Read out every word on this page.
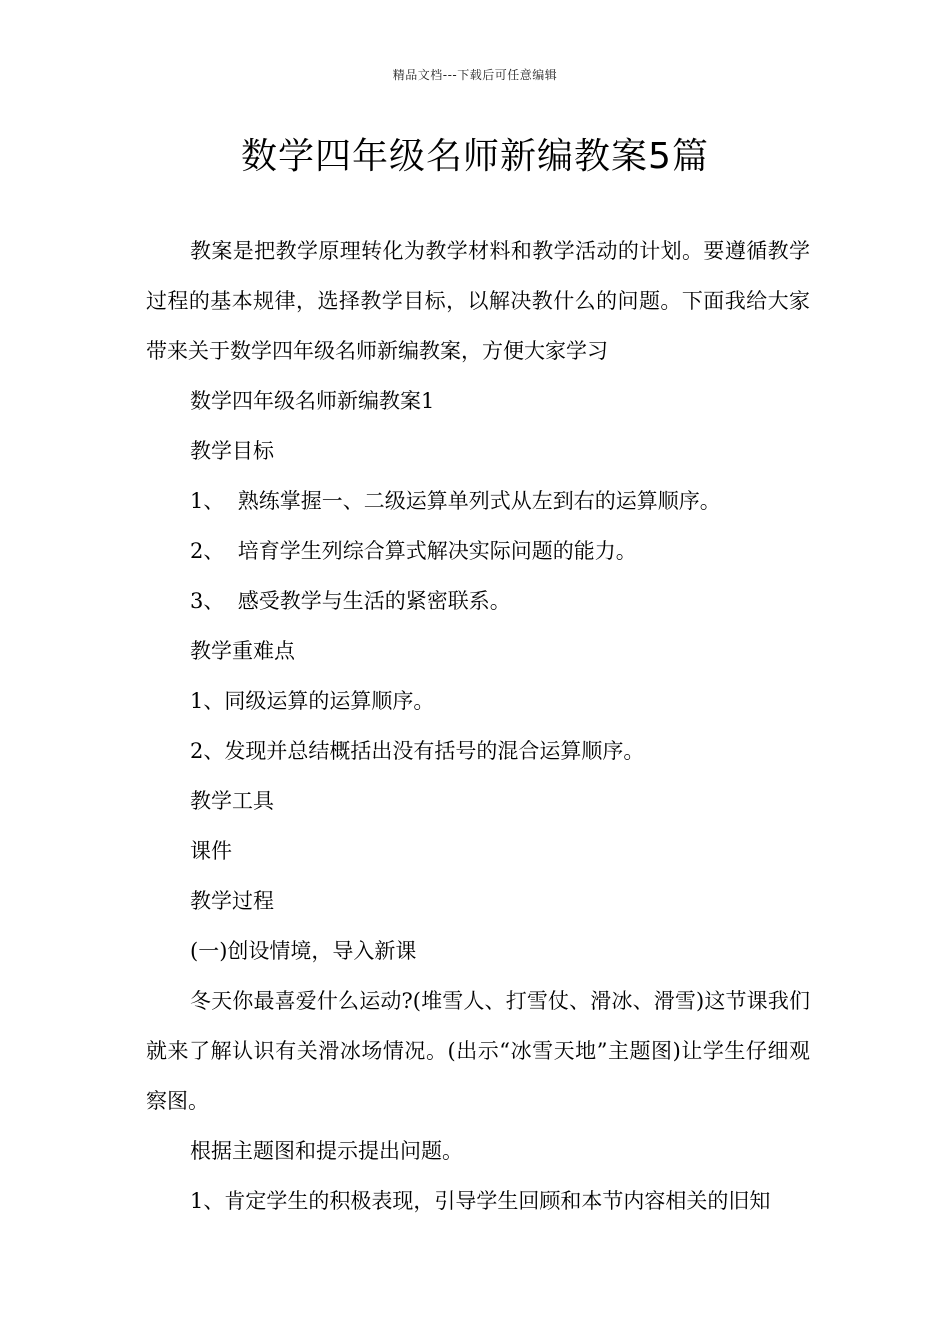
精品文档---下载后可任意编辑
数学四年级名师新编教案5篇

教案是把教学原理转化为教学材料和教学活动的计划。要遵循教学过程的基本规律，选择教学目标，以解决教什么的问题。下面我给大家带来关于数学四年级名师新编教案，方便大家学习

数学四年级名师新编教案1

教学目标

1、  熟练掌握一、二级运算单列式从左到右的运算顺序。

2、  培育学生列综合算式解决实际问题的能力。

3、  感受教学与生活的紧密联系。

教学重难点

1、同级运算的运算顺序。

2、发现并总结概括出没有括号的混合运算顺序。

教学工具

课件

教学过程

(一)创设情境，导入新课

冬天你最喜爱什么运动?(堆雪人、打雪仗、滑冰、滑雪)这节课我们就来了解认识有关滑冰场情况。(出示“冰雪天地”主题图)让学生仔细观察图。

根据主题图和提示提出问题。

1、肯定学生的积极表现，引导学生回顾和本节内容相关的旧知
